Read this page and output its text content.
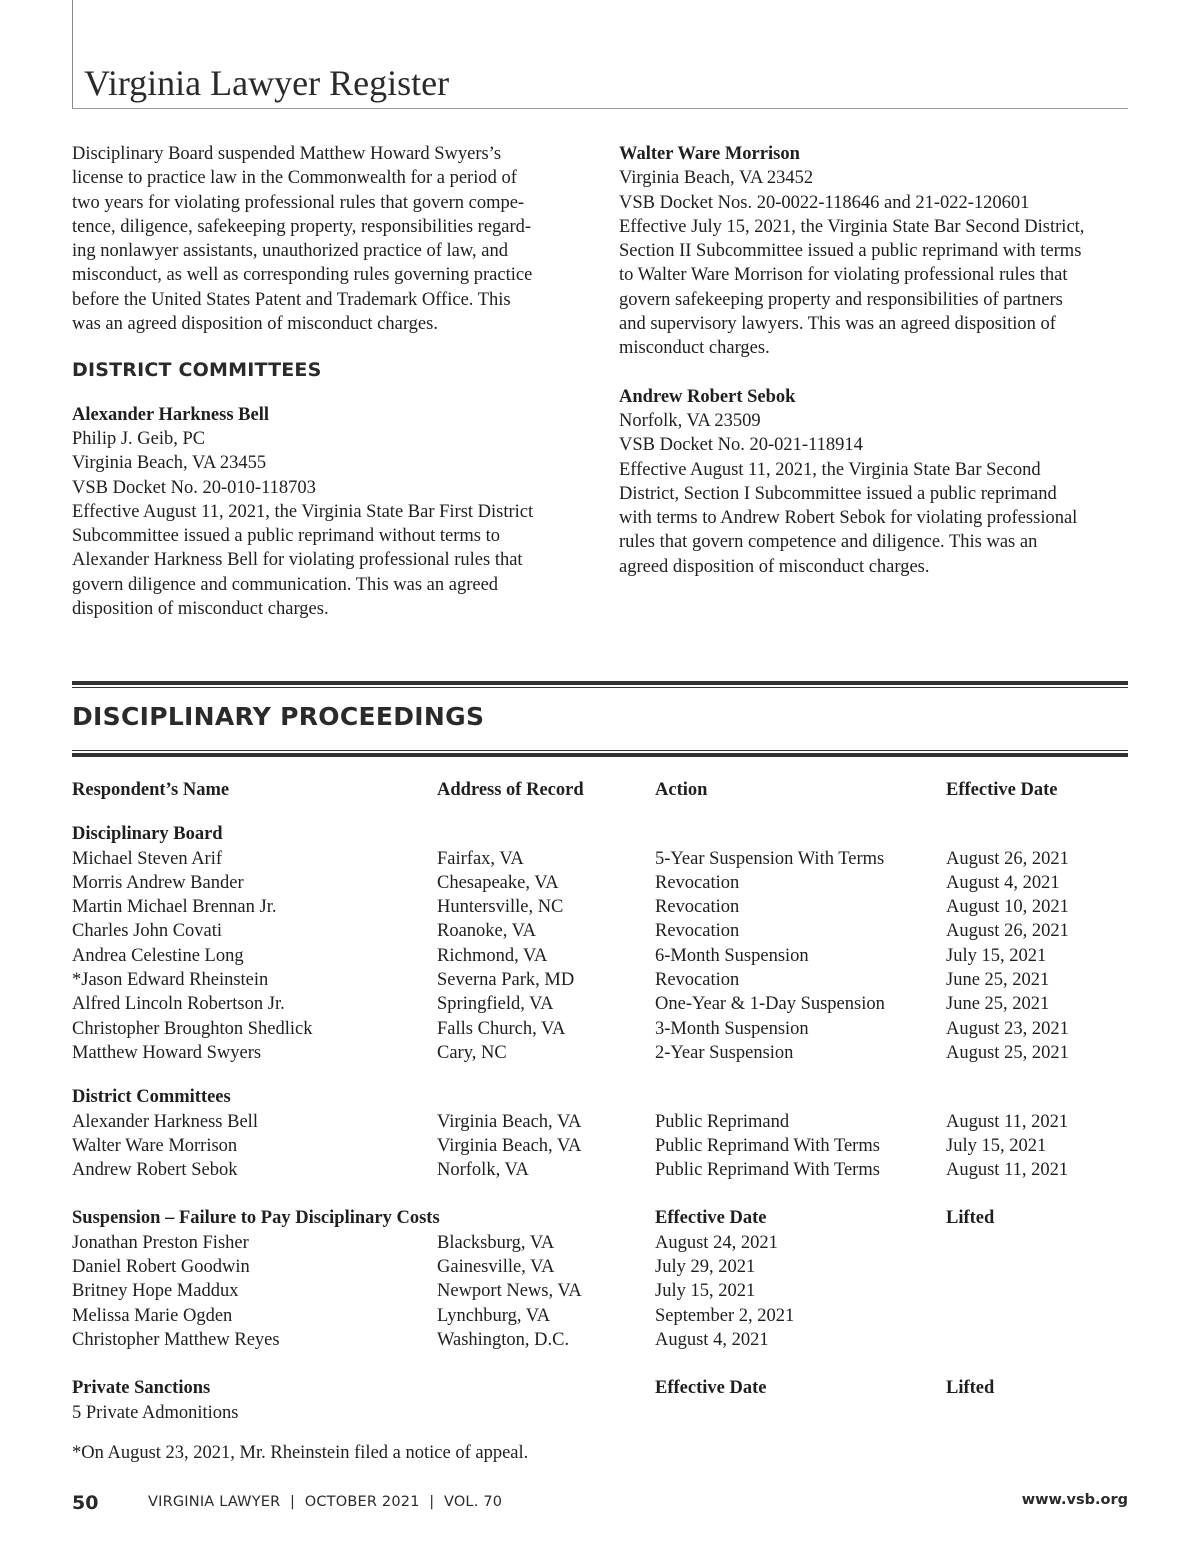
Virginia Lawyer Register

Disciplinary Board suspended Matthew Howard Swyers’s
license to practice law in the Commonwealth for a period of
two years for violating professional rules that govern compe-
tence, diligence, safekeeping property, responsibilities regard-
ing nonlawyer assistants, unauthorized practice of law, and
misconduct, as well as corresponding rules governing practice
before the United States Patent and Trademark Office. This
was an agreed disposition of misconduct charges.

DISTRICT COMMITTEES
Alexander Harkness Bell
Philip J. Geib, PC
Virginia Beach, VA 23455
VSB Docket No. 20-010-118703
Effective August 11, 2021, the Virginia State Bar First District
Subcommittee issued a public reprimand without terms to
Alexander Harkness Bell for violating professional rules that
govern diligence and communication. This was an agreed
disposition of misconduct charges.
Walter Ware Morrison
Virginia Beach, VA 23452
VSB Docket Nos. 20-0022-118646 and 21-022-120601
Effective July 15, 2021, the Virginia State Bar Second District,
Section II Subcommittee issued a public reprimand with terms
to Walter Ware Morrison for violating professional rules that
govern safekeeping property and responsibilities of partners
and supervisory lawyers. This was an agreed disposition of
misconduct charges.
Andrew Robert Sebok
Norfolk, VA 23509
VSB Docket No. 20-021-118914
Effective August 11, 2021, the Virginia State Bar Second
District, Section I Subcommittee issued a public reprimand
with terms to Andrew Robert Sebok for violating professional
rules that govern competence and diligence. This was an
agreed disposition of misconduct charges.
DISCIPLINARY PROCEEDINGS
Respondent’s Name	Address of Record	Action	Effective Date
Disciplinary Board
Michael Steven Arif	Fairfax, VA	5-Year Suspension With Terms	August 26, 2021
Morris Andrew Bander	Chesapeake, VA	Revocation	August 4, 2021
Martin Michael Brennan Jr.	Huntersville, NC	Revocation	August 10, 2021
Charles John Covati	Roanoke, VA	Revocation	August 26, 2021
Andrea Celestine Long	Richmond, VA	6-Month Suspension	July 15, 2021
*Jason Edward Rheinstein	Severna Park, MD	Revocation	June 25, 2021
Alfred Lincoln Robertson Jr.	Springfield, VA	One-Year & 1-Day Suspension	June 25, 2021
Christopher Broughton Shedlick	Falls Church, VA	3-Month Suspension	August 23, 2021
Matthew Howard Swyers	Cary, NC	2-Year Suspension	August 25, 2021
District Committees
Alexander Harkness Bell	Virginia Beach, VA	Public Reprimand	August 11, 2021
Walter Ware Morrison	Virginia Beach, VA	Public Reprimand With Terms	July 15, 2021
Andrew Robert Sebok	Norfolk, VA	Public Reprimand With Terms	August 11, 2021
Suspension – Failure to Pay Disciplinary Costs	Effective Date	Lifted
Jonathan Preston Fisher	Blacksburg, VA	August 24, 2021
Daniel Robert Goodwin	Gainesville, VA	July 29, 2021
Britney Hope Maddux	Newport News, VA	July 15, 2021
Melissa Marie Ogden	Lynchburg, VA	September 2, 2021
Christopher Matthew Reyes	Washington, D.C.	August 4, 2021
Private Sanctions	Effective Date	Lifted
5 Private Admonitions
*On August 23, 2021, Mr. Rheinstein filed a notice of appeal.
50	VIRGINIA LAWYER  |  OCTOBER 2021  |  VOL. 70	www.vsb.org
